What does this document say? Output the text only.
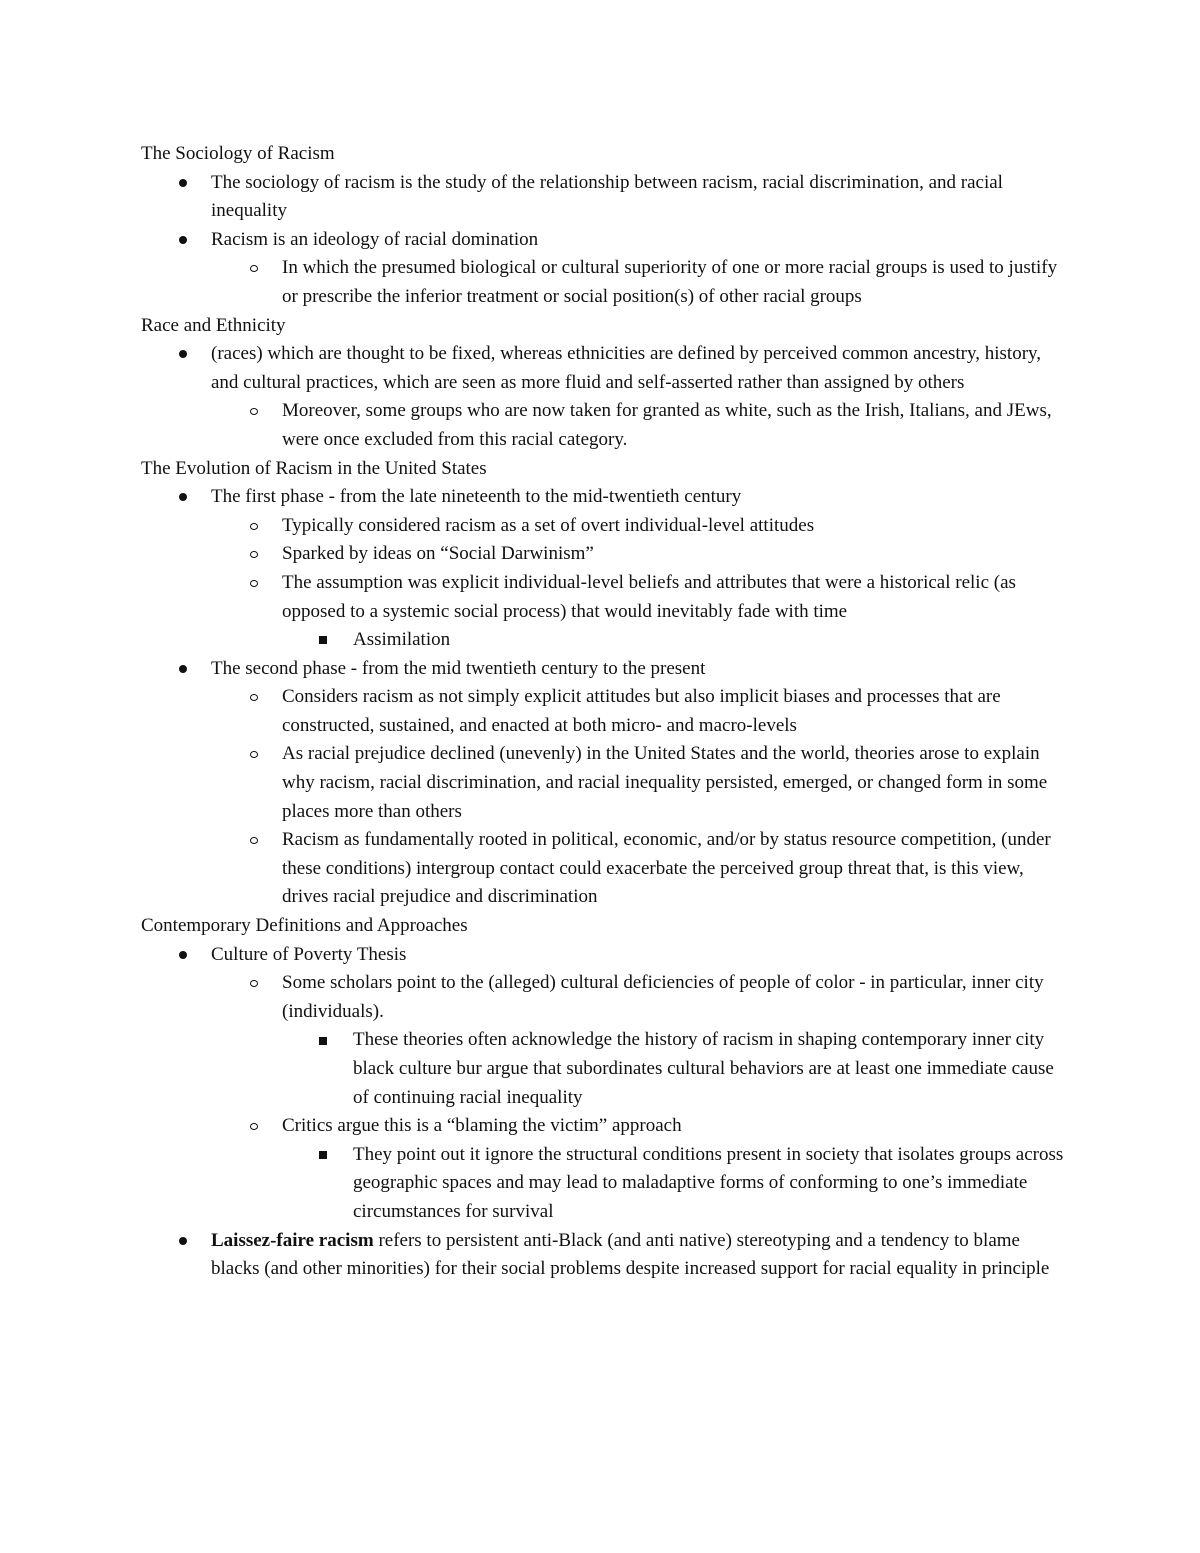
The Sociology of Racism

The sociology of racism is the study of the relationship between racism, racial discrimination, and racial inequality

Racism is an ideology of racial domination

In which the presumed biological or cultural superiority of one or more racial groups is used to justify or prescribe the inferior treatment or social position(s) of other racial groups

Race and Ethnicity

(races) which are thought to be fixed, whereas ethnicities are defined by perceived common ancestry, history, and cultural practices, which are seen as more fluid and self-asserted rather than assigned by others

Moreover, some groups who are now taken for granted as white, such as the Irish, Italians, and JEws, were once excluded from this racial category.

The Evolution of Racism in the United States

The first phase - from the late nineteenth to the mid-twentieth century

Typically considered racism as a set of overt individual-level attitudes

Sparked by ideas on “Social Darwinism”

The assumption was explicit individual-level beliefs and attributes that were a historical relic (as opposed to a systemic social process) that would inevitably fade with time

Assimilation

The second phase - from the mid twentieth century to the present

Considers racism as not simply explicit attitudes but also implicit biases and processes that are constructed, sustained, and enacted at both micro- and macro-levels

As racial prejudice declined (unevenly) in the United States and the world, theories arose to explain why racism, racial discrimination, and racial inequality persisted, emerged, or changed form in some places more than others

Racism as fundamentally rooted in political, economic, and/or by status resource competition, (under these conditions) intergroup contact could exacerbate the perceived group threat that, is this view, drives racial prejudice and discrimination

Contemporary Definitions and Approaches

Culture of Poverty Thesis

Some scholars point to the (alleged) cultural deficiencies of people of color - in particular, inner city (individuals).

These theories often acknowledge the history of racism in shaping contemporary inner city black culture bur argue that subordinates cultural behaviors are at least one immediate cause of continuing racial inequality

Critics argue this is a “blaming the victim” approach

They point out it ignore the structural conditions present in society that isolates groups across geographic spaces and may lead to maladaptive forms of conforming to one’s immediate circumstances for survival

Laissez-faire racism refers to persistent anti-Black (and anti native) stereotyping and a tendency to blame blacks (and other minorities) for their social problems despite increased support for racial equality in principle
